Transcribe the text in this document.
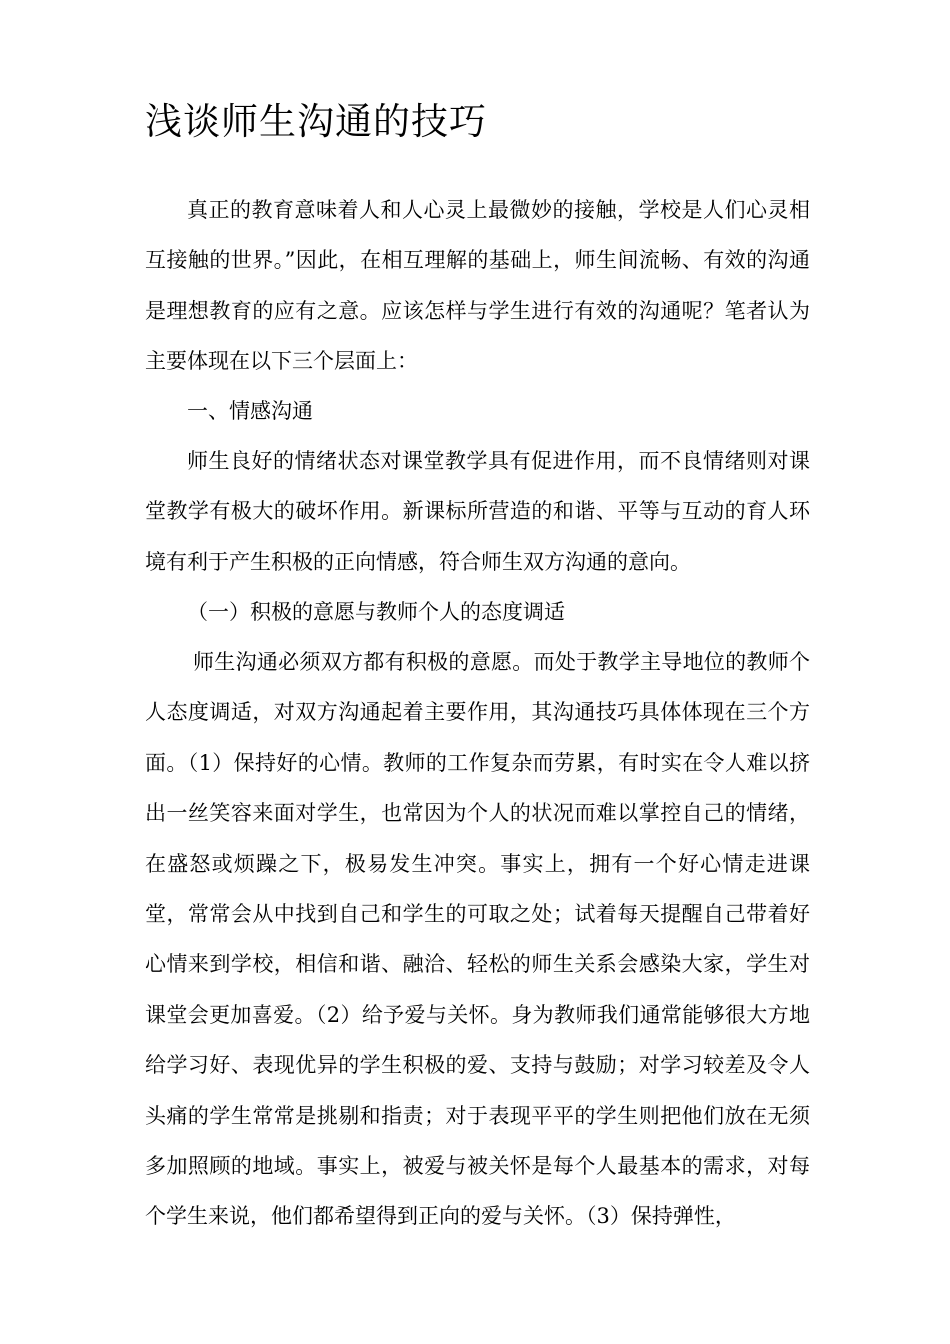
浅谈师生沟通的技巧

真正的教育意味着人和人心灵上最微妙的接触，学校是人们心灵相互接触的世界。”因此，在相互理解的基础上，师生间流畅、有效的沟通是理想教育的应有之意。应该怎样与学生进行有效的沟通呢？笔者认为主要体现在以下三个层面上：

一、情感沟通

师生良好的情绪状态对课堂教学具有促进作用，而不良情绪则对课堂教学有极大的破坏作用。新课标所营造的和谐、平等与互动的育人环境有利于产生积极的正向情感，符合师生双方沟通的意向。

（一）积极的意愿与教师个人的态度调适

师生沟通必须双方都有积极的意愿。而处于教学主导地位的教师个人态度调适，对双方沟通起着主要作用，其沟通技巧具体体现在三个方面。（1）保持好的心情。教师的工作复杂而劳累，有时实在令人难以挤出一丝笑容来面对学生，也常因为个人的状况而难以掌控自己的情绪，在盛怒或烦躁之下，极易发生冲突。事实上，拥有一个好心情走进课堂，常常会从中找到自己和学生的可取之处；试着每天提醒自己带着好心情来到学校，相信和谐、融洽、轻松的师生关系会感染大家，学生对课堂会更加喜爱。（2）给予爱与关怀。身为教师我们通常能够很大方地给学习好、表现优异的学生积极的爱、支持与鼓励；对学习较差及令人头痛的学生常常是挑剔和指责；对于表现平平的学生则把他们放在无须多加照顾的地域。事实上，被爱与被关怀是每个人最基本的需求，对每个学生来说，他们都希望得到正向的爱与关怀。（3）保持弹性，
